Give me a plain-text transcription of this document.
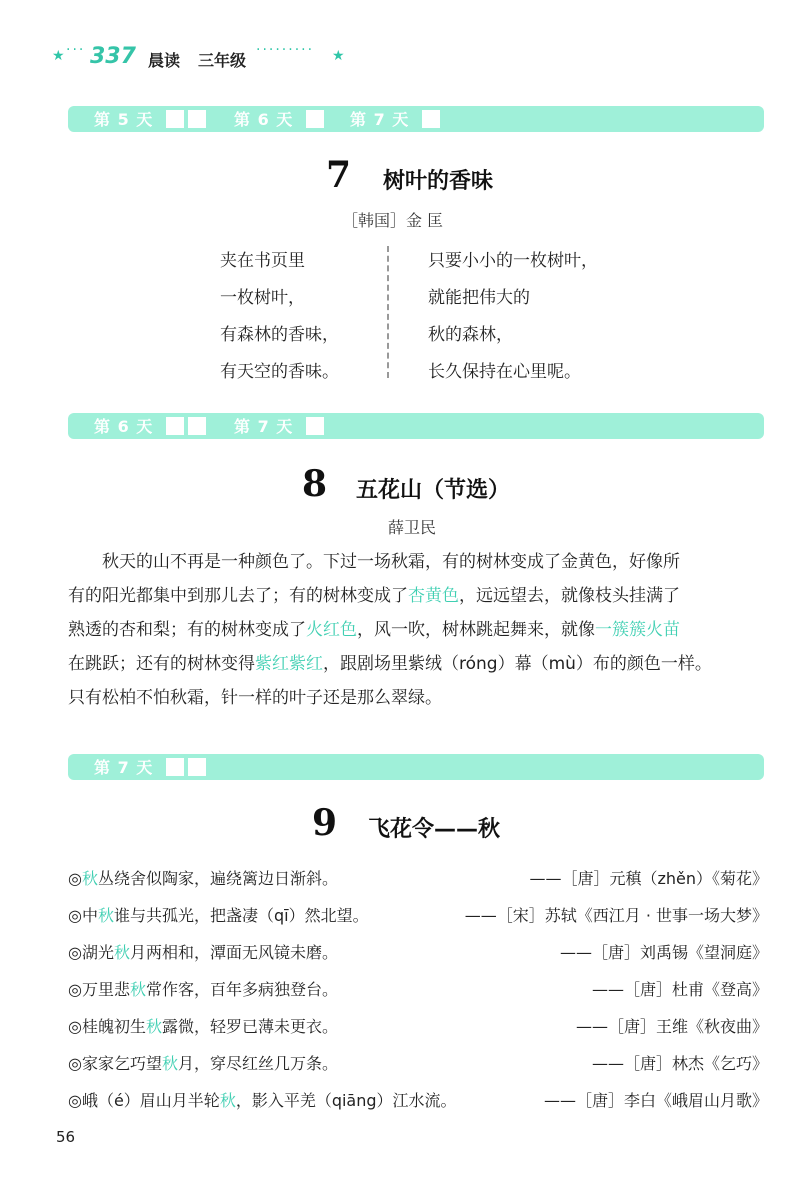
★ ··· 337 晨读 三年级
········· ★
第 5 天	第 6 天	第 7 天
7 树叶的香味
［韩国］金 匡
夹在书页里
一枚树叶，
有森林的香味，
有天空的香味。
只要小小的一枚树叶，
就能把伟大的
秋的森林，
长久保持在心里呢。
第 6 天	第 7 天
8 五花山（节选）
薛卫民

秋天的山不再是一种颜色了。下过一场秋霜，有的树林变成了金黄色，好像所

有的阳光都集中到那儿去了；有的树林变成了杏黄色，远远望去，就像枝头挂满了

熟透的杏和梨；有的树林变成了火红色，风一吹，树林跳起舞来，就像一簇簇火苗

在跳跃；还有的树林变得紫红紫红，跟剧场里紫绒（róng）幕（mù）布的颜色一样。

只有松柏不怕秋霜，针一样的叶子还是那么翠绿。

第 7 天
9 飞花令——秋
◎秋丛绕舍似陶家，遍绕篱边日渐斜。	——［唐］元稹（zhěn）《菊花》
◎中秋谁与共孤光，把盏凄（qī）然北望。	——［宋］苏轼《西江月 · 世事一场大梦》
◎湖光秋月两相和，潭面无风镜未磨。	——［唐］刘禹锡《望洞庭》
◎万里悲秋常作客，百年多病独登台。	——［唐］杜甫《登高》
◎桂魄初生秋露微，轻罗已薄未更衣。	——［唐］王维《秋夜曲》
◎家家乞巧望秋月，穿尽红丝几万条。	——［唐］林杰《乞巧》
◎峨（é）眉山月半轮秋，影入平羌（qiāng）江水流。	——［唐］李白《峨眉山月歌》
56
